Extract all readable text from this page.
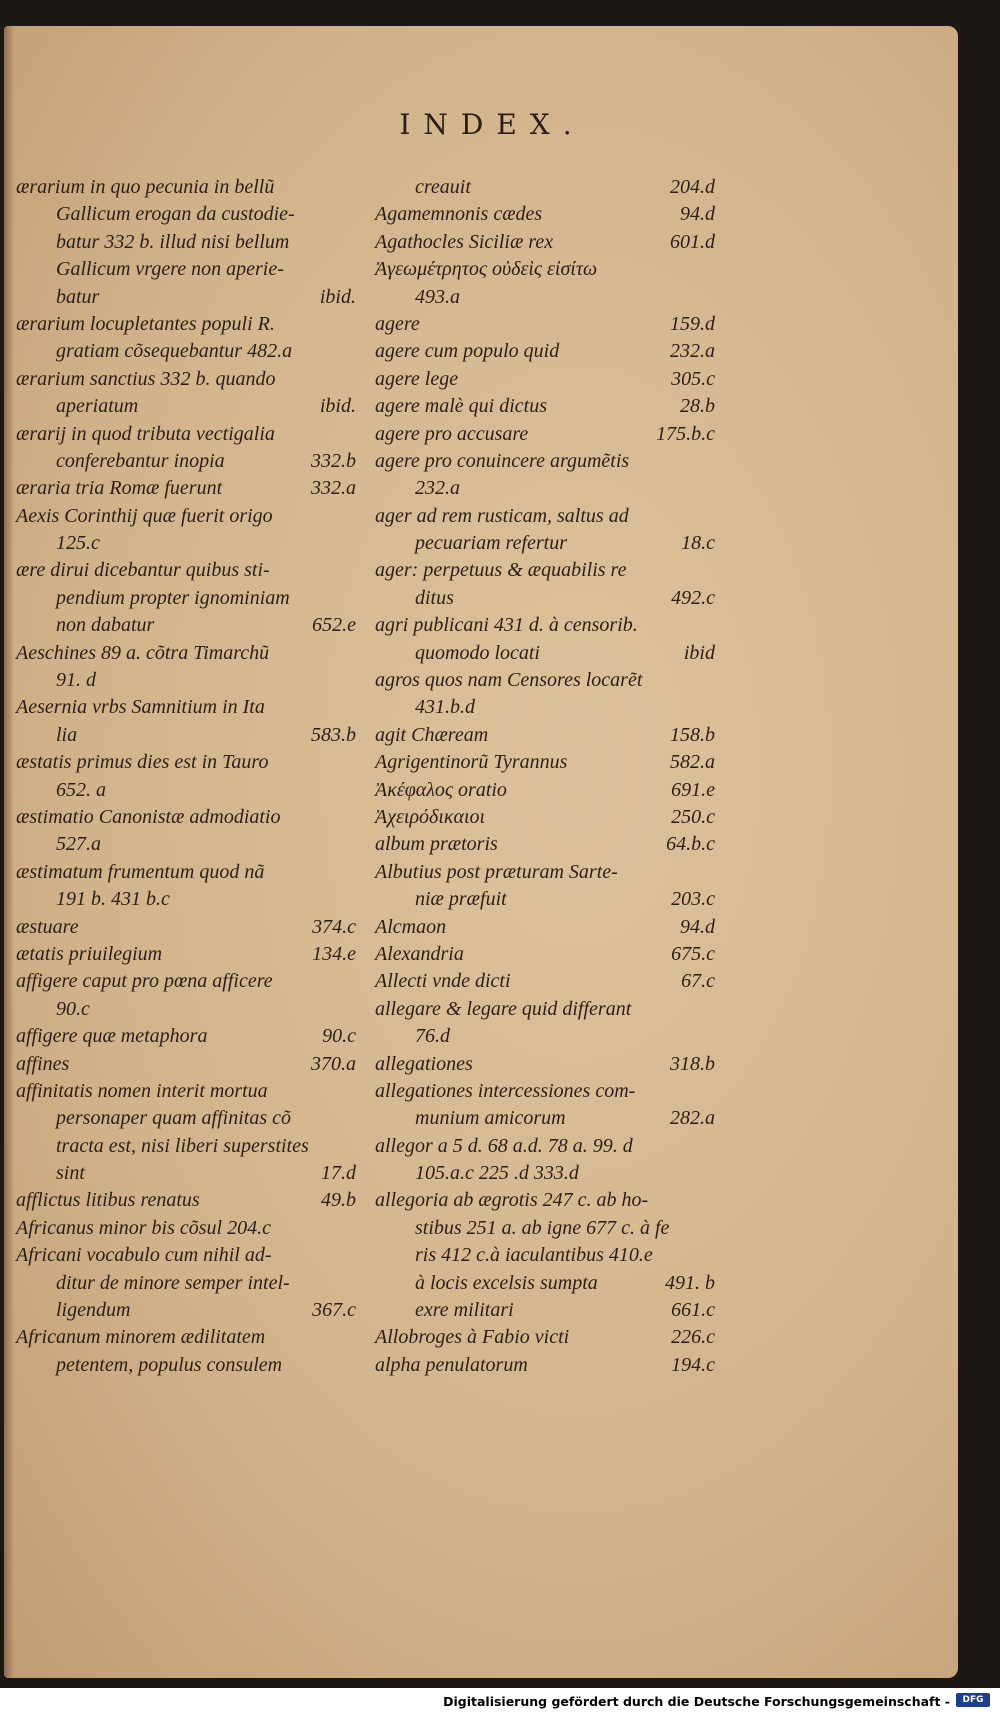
INDEX.
ærarium in quo pecunia in bellũ
Gallicum erogan da custodie-
batur 332 b. illud nisi bellum
Gallicum vrgere non aperie-
batur	ibid.
ærarium locupletantes populi R.
gratiam cõsequebantur 482.a
ærarium sanctius 332 b. quando
aperiatum	ibid.
ærarij in quod tributa vectigalia
conferebantur inopia	332.b
æraria tria Romæ fuerunt	332.a
Aexis Corinthij quæ fuerit origo
125.c
ære dirui dicebantur quibus sti-
pendium propter ignominiam
non dabatur	652.e
Aeschines 89 a. cõtra Timarchũ
91. d
Aesernia vrbs Samnitium in Ita
lia	583.b
æstatis primus dies est in Tauro
652. a
æstimatio Canonistæ admodiatio
527.a
æstimatum frumentum quod nã
191 b. 431 b.c
æstuare	374.c
ætatis priuilegium	134.e
affigere caput pro pœna afficere
90.c
affigere quæ metaphora	90.c
affines	370.a
affinitatis nomen interit mortua
personaper quam affinitas cõ
tracta est, nisi liberi superstites
sint	17.d
afflictus litibus renatus	49.b
Africanus minor bis cõsul 204.c
Africani vocabulo cum nihil ad-
ditur de minore semper intel-
ligendum	367.c
Africanum minorem ædilitatem
petentem, populus consulem
creauit	204.d
Agamemnonis cædes	94.d
Agathocles Siciliæ rex	601.d
Ἀγεωμέτρητος οὐδεὶς εἰσίτω
493.a
agere	159.d
agere cum populo quid	232.a
agere lege	305.c
agere malè qui dictus	28.b
agere pro accusare	175.b.c
agere pro conuincere argumẽtis
232.a
ager ad rem rusticam, saltus ad
pecuariam refertur	18.c
ager: perpetuus & æquabilis re
ditus	492.c
agri publicani 431 d. à censorib.
quomodo locati	ibid
agros quos nam Censores locarẽt
431.b.d
agit Chæream	158.b
Agrigentinorũ Tyrannus	582.a
Ἀκέφαλος oratio	691.e
Ἀχειρόδικαιοι	250.c
album prætoris	64.b.c
Albutius post præturam Sarte-
niæ præfuit	203.c
Alcmaon	94.d
Alexandria	675.c
Allecti vnde dicti	67.c
allegare & legare quid differant
76.d
allegationes	318.b
allegationes intercessiones com-
munium amicorum	282.a
allegor a 5 d. 68 a.d. 78 a. 99. d
105.a.c 225 .d 333.d
allegoria ab ægrotis 247 c. ab ho-
stibus 251 a. ab igne 677 c. à fe
ris 412 c.à iaculantibus 410.e
à locis excelsis sumpta	491. b
exre militari	661.c
Allobroges à Fabio victi	226.c
alpha penulatorum	194.c
Digitalisierung gefördert durch die Deutsche Forschungsgemeinschaft -	DFG
